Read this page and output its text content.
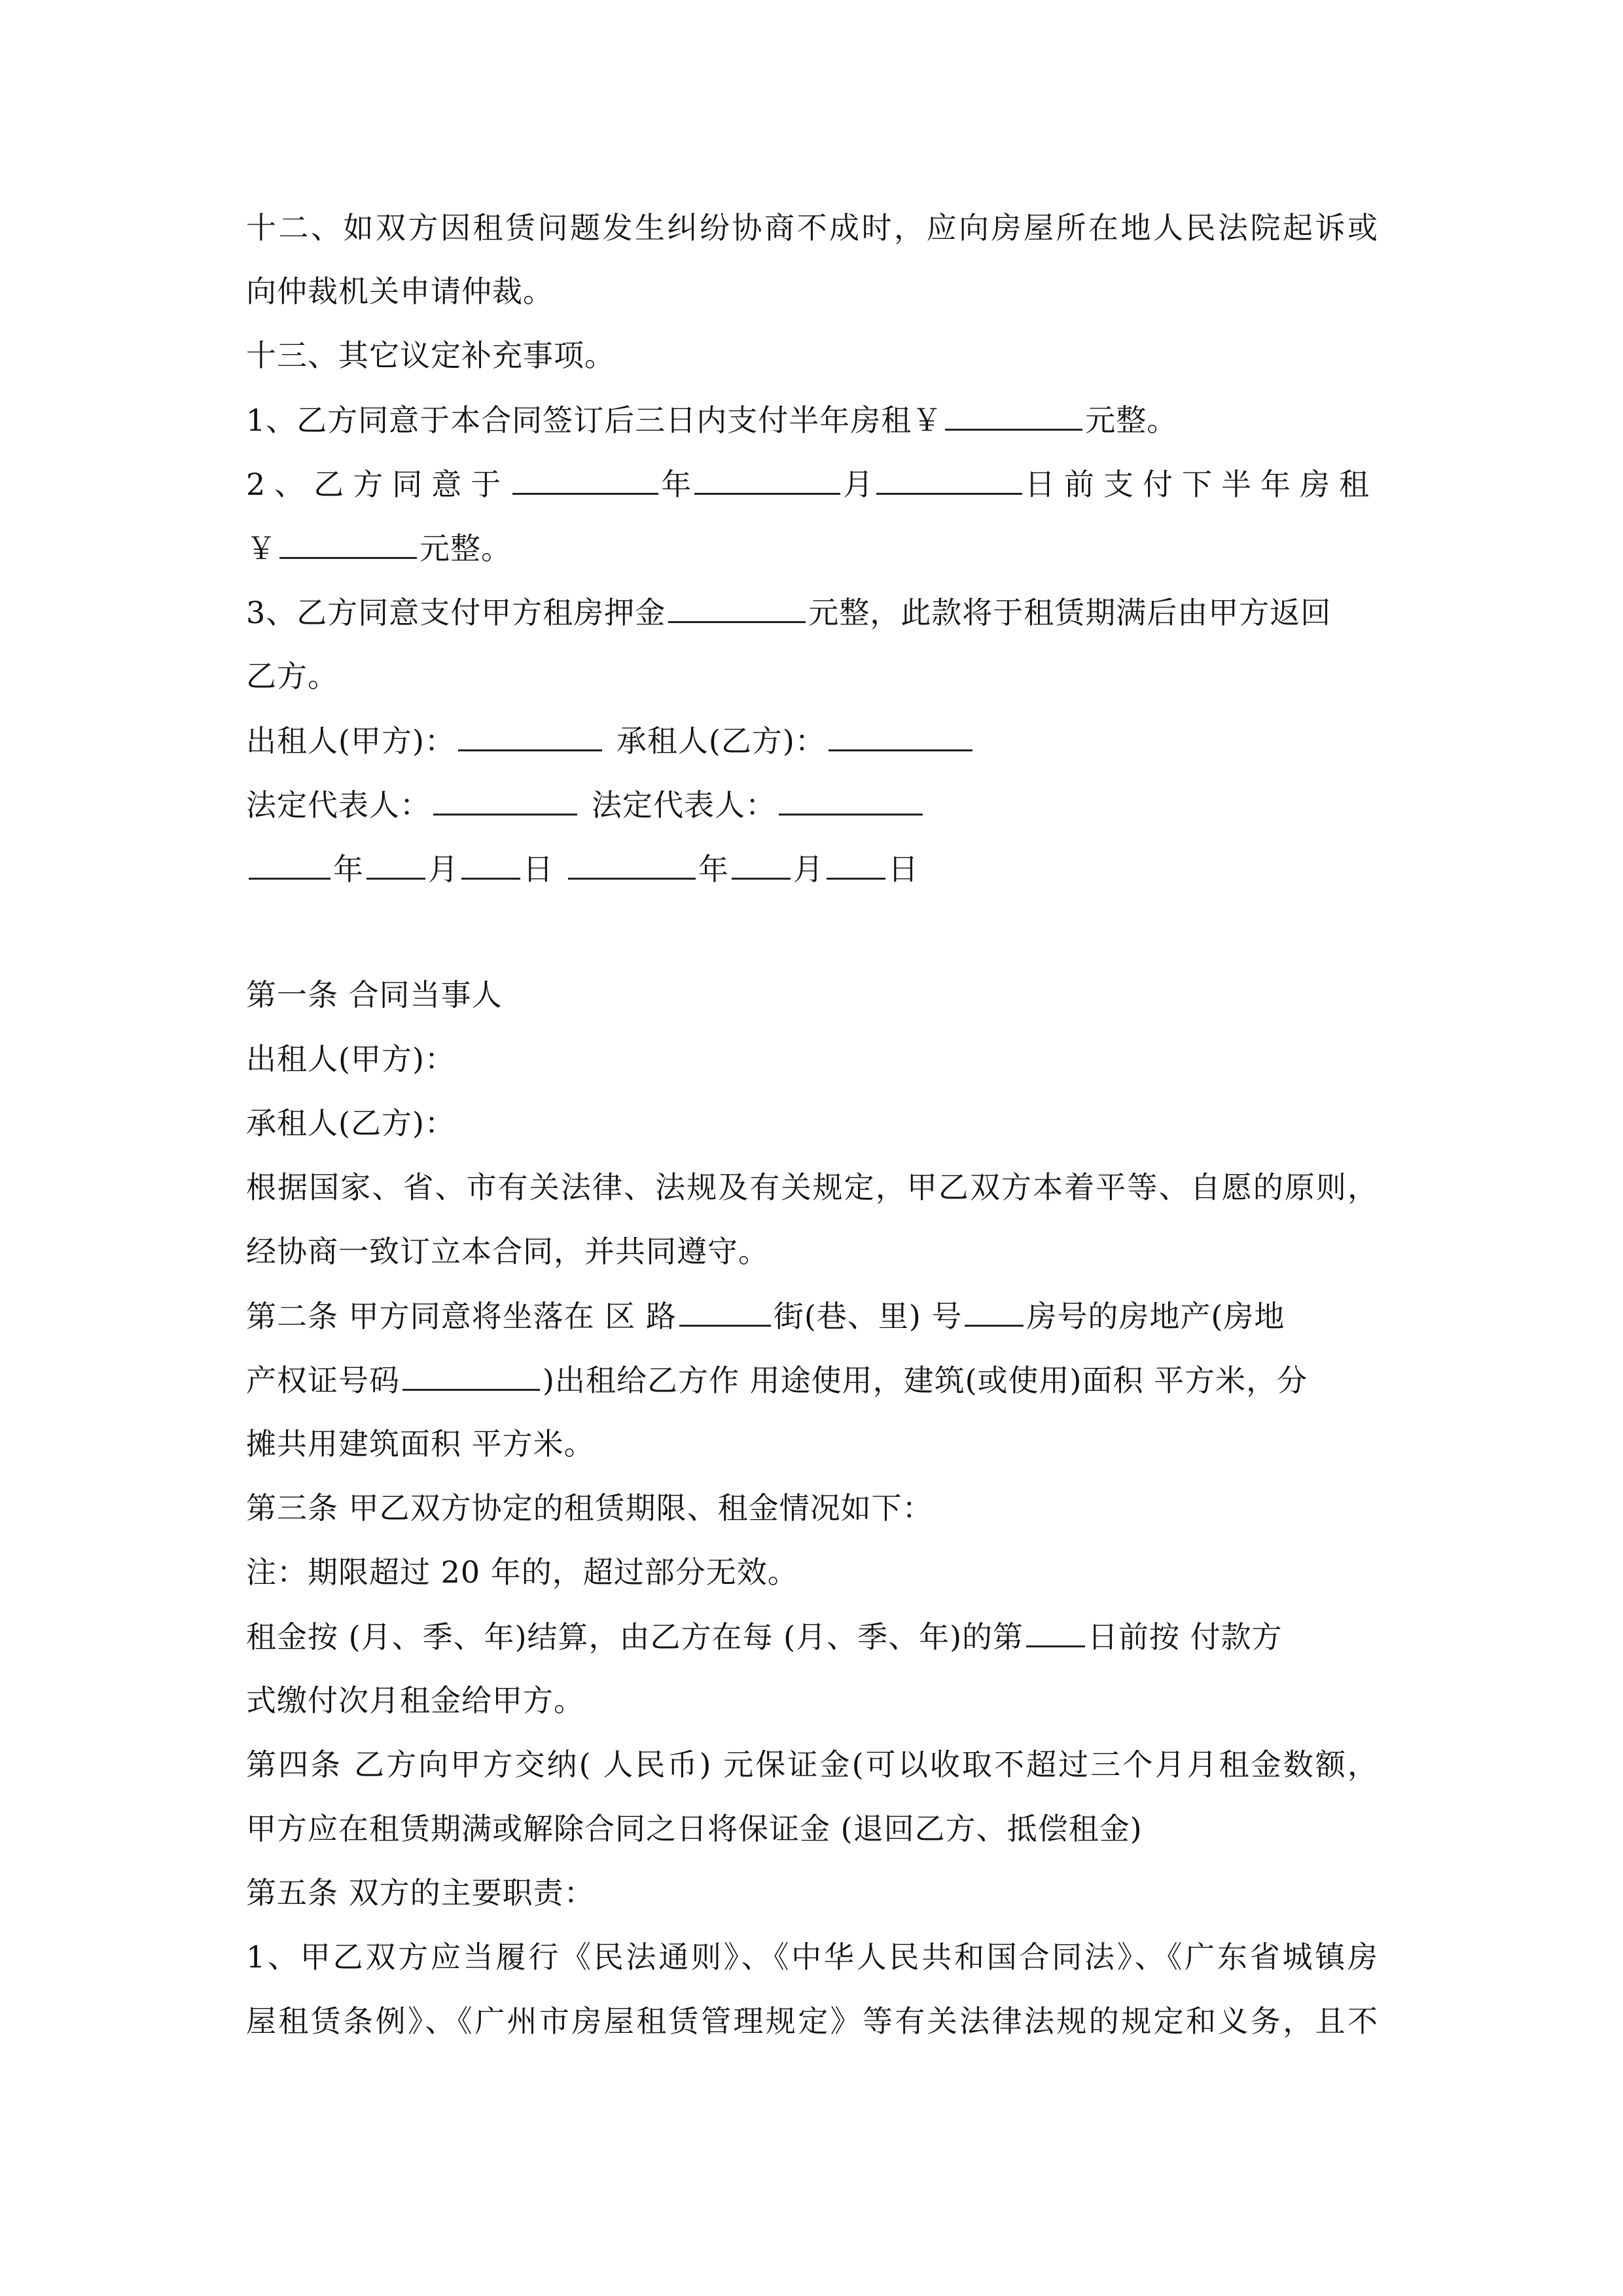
十二、如双方因租赁问题发生纠纷协商不成时，应向房屋所在地人民法院起诉或
向仲裁机关申请仲裁。
十三、其它议定补充事项。
1、乙方同意于本合同签订后三日内支付半年房租￥	元整。
2、乙方同意于	年	月	日前支付下半年房租
￥	元整。
3、乙方同意支付甲方租房押金	元整，此款将于租赁期满后由甲方返回
乙方。
出租人(甲方)：	承租人(乙方)：
法定代表人：	法定代表人：
年 月 日	年 月 日
第一条 合同当事人
出租人(甲方)：
承租人(乙方)：
根据国家、省、市有关法律、法规及有关规定，甲乙双方本着平等、自愿的原则，
经协商一致订立本合同，并共同遵守。
第二条 甲方同意将坐落在 区 路	街(巷、里) 号 房号的房地产(房地
产权证号码	)出租给乙方作 用途使用，建筑(或使用)面积 平方米，分
摊共用建筑面积 平方米。
第三条 甲乙双方协定的租赁期限、租金情况如下：
注：期限超过 20 年的，超过部分无效。
租金按 (月、季、年)结算，由乙方在每 (月、季、年)的第 日前按 付款方
式缴付次月租金给甲方。
第四条 乙方向甲方交纳( 人民币) 元保证金(可以收取不超过三个月月租金数额，
甲方应在租赁期满或解除合同之日将保证金 (退回乙方、抵偿租金)
第五条 双方的主要职责：
1、甲乙双方应当履行《民法通则》、《中华人民共和国合同法》、《广东省城镇房
屋租赁条例》、《广州市房屋租赁管理规定》等有关法律法规的规定和义务，且不
